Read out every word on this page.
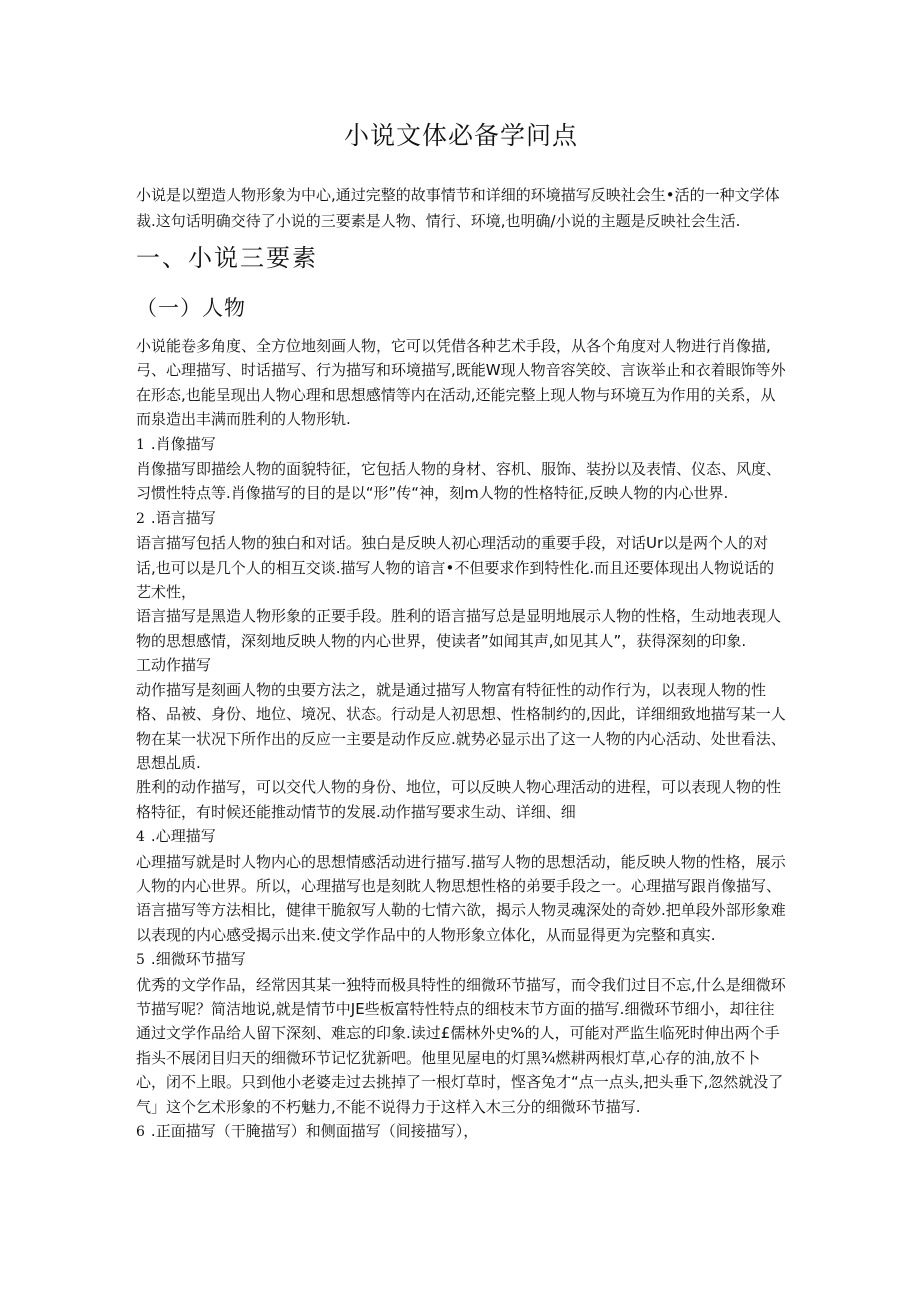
小说文体必备学问点

小说是以塑造人物形象为中心,通过完整的故事情节和详细的环境描写反映社会生•活的一种文学体裁.这句话明确交待了小说的三要素是人物、情行、环境,也明确/小说的主题是反映社会生活.

一、小说三要素
（一）人物

小说能卷多角度、全方位地刻画人物，它可以凭借各种艺术手段，从各个角度对人物进行肖像描,弓、心理描写、时话描写、行为描写和环境描写,既能W现人物音容笑皎、言诙举止和衣着眼饰等外在形态,也能呈现出人物心理和思想感情等内在活动,还能完整上现人物与环境互为作用的关系，从而泉造出丰满而胜利的人物形轨.

1 .肖像描写

肖像描写即描绘人物的面貌特征，它包括人物的身材、容机、服饰、装扮以及表情、仪态、风度、习惯性特点等.肖像描写的目的是以“形”传“神，刻m人物的性格特征,反映人物的内心世界.

2 .语言描写

语言描写包括人物的独白和对话。独白是反映人初心理活动的重要手段，对话Ur以是两个人的对话,也可以是几个人的相互交谈.描写人物的谙言•不但要求作到特性化.而且还要体现出人物说话的艺术性，

语言描写是黑造人物形象的正要手段。胜利的语言描写总是显明地展示人物的性格，生动地表现人物的思想感情，深刻地反映人物的内心世界，使读者”如闻其声,如见其人”，获得深刻的印象.

工动作描写

动作描写是刻画人物的虫要方法之，就是通过描写人物富有特征性的动作行为，以表现人物的性格、品被、身份、地位、境况、状态。行动是人初思想、性格制约的,因此，详细细致地描写某一人物在某一状况下所作出的反应一主要是动作反应.就势必显示出了这一人物的内心活动、处世看法、思想乩质.

胜利的动作描写，可以交代人物的身份、地位，可以反映人物心理活动的进程，可以表现人物的性格特征，有时候还能推动情节的发展.动作描写要求生动、详细、细

4 .心理描写

心理描写就是时人物内心的思想情感活动进行描写.描写人物的思想活动，能反映人物的性格，展示人物的内心世界。所以，心理描写也是刻眈人物思想性格的弟要手段之一。心理描写跟肖像描写、语言描写等方法相比，健律干脆叙写人勒的七情六欲，揭示人物灵魂深处的奇妙.把单段外部形象难以表现的内心感受揭示出来.使文学作品中的人物形象立体化，从而显得更为完整和真实.

5 .细微环节描写

优秀的文学作品，经常因其某一独特而极具特性的细微环节描写，而令我们过目不忘,什么是细微环节描写呢？简洁地说,就是情节中JE些板富特性特点的细枝末节方面的描写.细微环节细小，却往往通过文学作品给人留下深刻、难忘的印象.读过£儒林外史%的人，可能对严监生临死时伸出两个手指头不展闭目归天的细微环节记忆犹新吧。他里见屋电的灯黑¾燃耕两根灯草,心存的油,放不卜心，闭不上眼。只到他小老婆走过去挑掉了一根灯草时，悭吝兔才“点一点头,把头垂下,忽然就没了气」这个乞术形象的不朽魅力,不能不说得力于这样入木三分的细微环节描写.

6 .正面描写（干腌描写）和侧面描写（间接描写），
